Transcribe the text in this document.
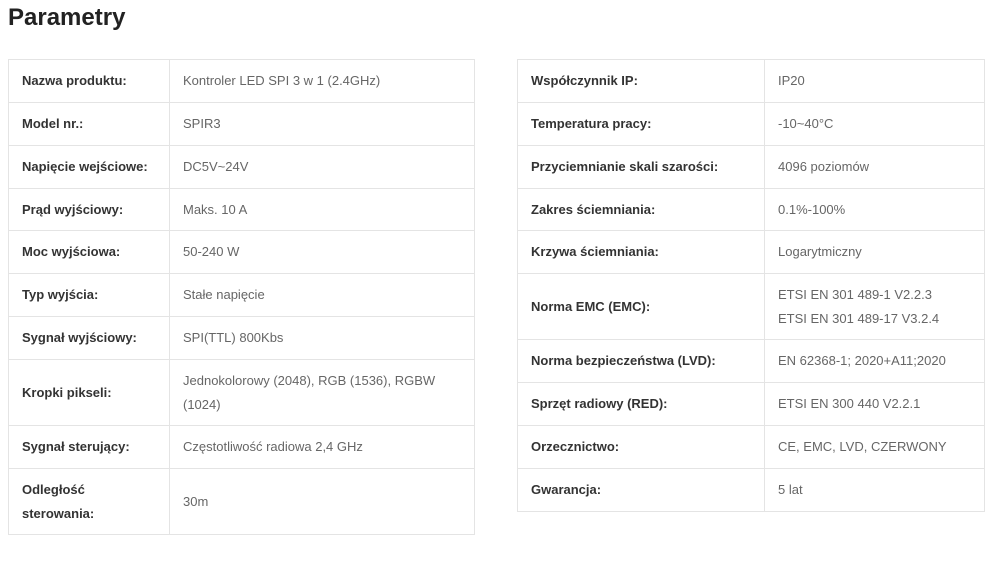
Parametry
Nazwa produktu:	Kontroler LED SPI 3 w 1 (2.4GHz)
Model nr.:	SPIR3
Napięcie wejściowe:	DC5V~24V
Prąd wyjściowy:	Maks. 10 A
Moc wyjściowa:	50-240 W
Typ wyjścia:	Stałe napięcie
Sygnał wyjściowy:	SPI(TTL) 800Kbs
Kropki pikseli:	Jednokolorowy (2048), RGB (1536), RGBW (1024)
Sygnał sterujący:	Częstotliwość radiowa 2,4 GHz
Odległość sterowania:	30m
Współczynnik IP:	IP20
Temperatura pracy:	-10~40°C
Przyciemnianie skali szarości:	4096 poziomów
Zakres ściemniania:	0.1%-100%
Krzywa ściemniania:	Logarytmiczny
Norma EMC (EMC):	ETSI EN 301 489-1 V2.2.3
ETSI EN 301 489-17 V3.2.4

Norma bezpieczeństwa (LVD):	EN 62368-1; 2020+A11;2020
Sprzęt radiowy (RED):	ETSI EN 300 440 V2.2.1
Orzecznictwo:	CE, EMC, LVD, CZERWONY
Gwarancja:	5 lat
